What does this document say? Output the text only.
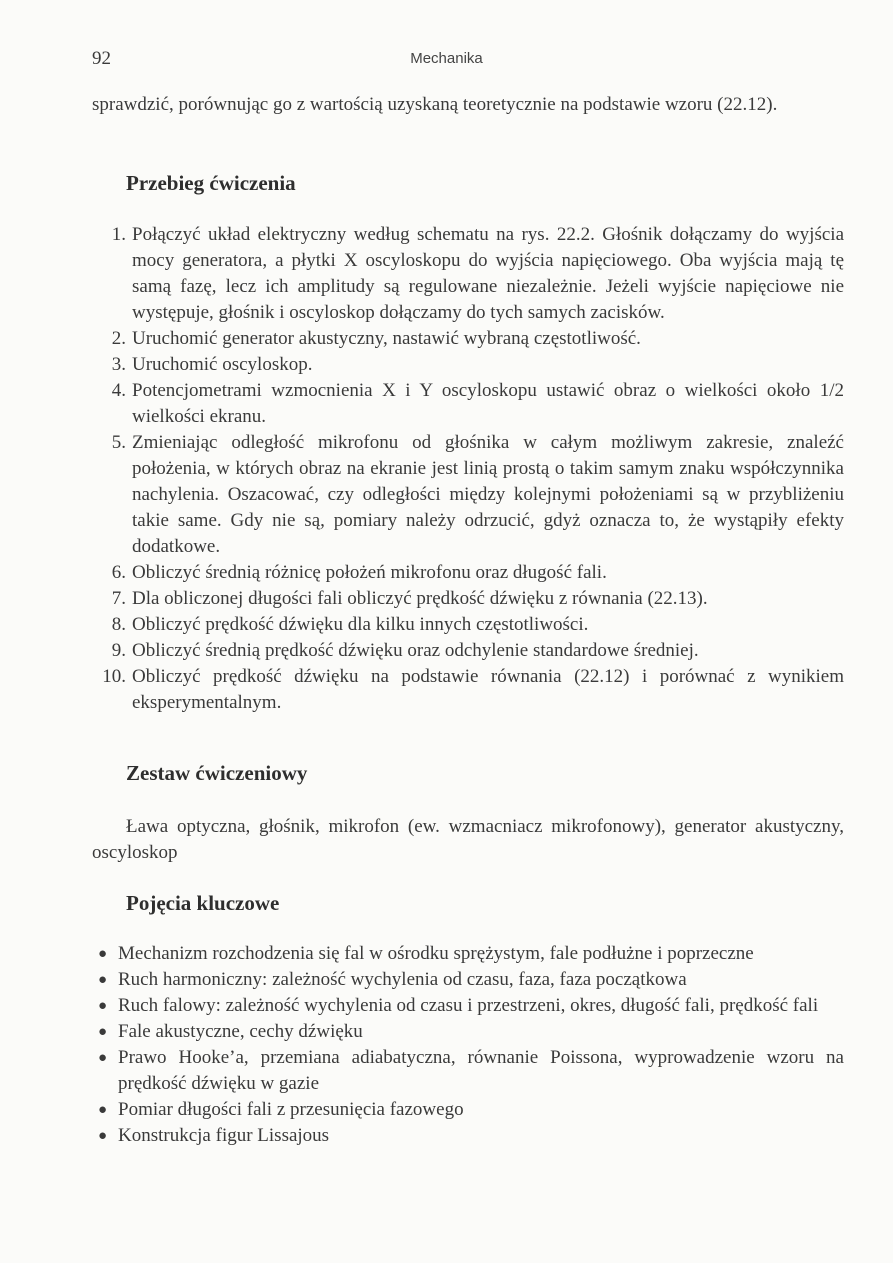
92	Mechanika

sprawdzić, porównując go z wartością uzyskaną teoretycznie na podstawie wzoru (22.12).

Przebieg ćwiczenia
1. Połączyć układ elektryczny według schematu na rys. 22.2. Głośnik dołączamy do wyjścia mocy generatora, a płytki X oscyloskopu do wyjścia napięciowego. Oba wyjścia mają tę samą fazę, lecz ich amplitudy są regulowane niezależnie. Jeżeli wyjście napięciowe nie występuje, głośnik i oscyloskop dołączamy do tych samych zacisków.
2. Uruchomić generator akustyczny, nastawić wybraną częstotliwość.
3. Uruchomić oscyloskop.
4. Potencjometrami wzmocnienia X i Y oscyloskopu ustawić obraz o wielkości około 1/2 wielkości ekranu.
5. Zmieniając odległość mikrofonu od głośnika w całym możliwym zakresie, znaleźć położenia, w których obraz na ekranie jest linią prostą o takim samym znaku współczynnika nachylenia. Oszacować, czy odległości między kolejnymi położeniami są w przybliżeniu takie same. Gdy nie są, pomiary należy odrzucić, gdyż oznacza to, że wystąpiły efekty dodatkowe.
6. Obliczyć średnią różnicę położeń mikrofonu oraz długość fali.
7. Dla obliczonej długości fali obliczyć prędkość dźwięku z równania (22.13).
8. Obliczyć prędkość dźwięku dla kilku innych częstotliwości.
9. Obliczyć średnią prędkość dźwięku oraz odchylenie standardowe średniej.
10. Obliczyć prędkość dźwięku na podstawie równania (22.12) i porównać z wynikiem eksperymentalnym.
Zestaw ćwiczeniowy

Ława optyczna, głośnik, mikrofon (ew. wzmacniacz mikrofonowy), generator akustyczny, oscyloskop

Pojęcia kluczowe
● Mechanizm rozchodzenia się fal w ośrodku sprężystym, fale podłużne i poprzeczne
● Ruch harmoniczny: zależność wychylenia od czasu, faza, faza początkowa
● Ruch falowy: zależność wychylenia od czasu i przestrzeni, okres, długość fali, prędkość fali
● Fale akustyczne, cechy dźwięku
● Prawo Hooke’a, przemiana adiabatyczna, równanie Poissona, wyprowadzenie wzoru na prędkość dźwięku w gazie
● Pomiar długości fali z przesunięcia fazowego
● Konstrukcja figur Lissajous
